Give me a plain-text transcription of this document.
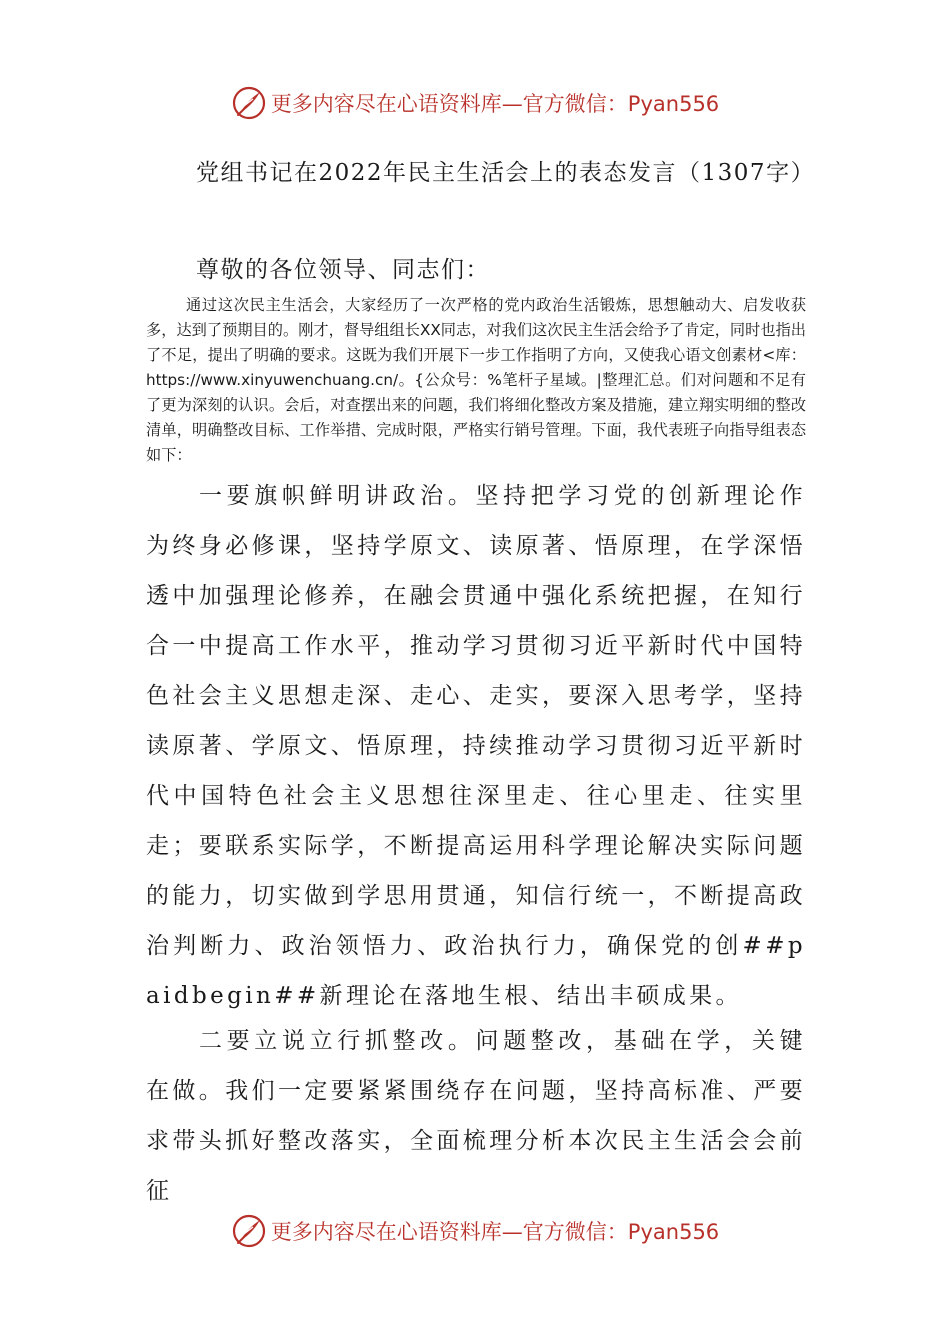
更多内容尽在心语资料库—官方微信：Pyan556
党组书记在2022年民主生活会上的表态发言（1307字）
尊敬的各位领导、同志们：
通过这次民主生活会，大家经历了一次严格的党内政治生活锻炼，思想触动大、启发收获多，达到了预期目的。刚才，督导组组长XX同志，对我们这次民主生活会给予了肯定，同时也指出了不足，提出了明确的要求。这既为我们开展下一步工作指明了方向，又使我心语文创素材<库：https://www.xinyuwenchuang.cn/。{公众号：%笔杆子星域。|整理汇总。们对问题和不足有了更为深刻的认识。会后，对查摆出来的问题，我们将细化整改方案及措施，建立翔实明细的整改清单，明确整改目标、工作举措、完成时限，严格实行销号管理。下面，我代表班子向指导组表态如下：
一要旗帜鲜明讲政治。坚持把学习党的创新理论作为终身必修课，坚持学原文、读原著、悟原理，在学深悟透中加强理论修养，在融会贯通中强化系统把握，在知行合一中提高工作水平，推动学习贯彻习近平新时代中国特色社会主义思想走深、走心、走实，要深入思考学，坚持读原著、学原文、悟原理，持续推动学习贯彻习近平新时代中国特色社会主义思想往深里走、往心里走、往实里走；要联系实际学，不断提高运用科学理论解决实际问题的能力，切实做到学思用贯通，知信行统一，不断提高政治判断力、政治领悟力、政治执行力，确保党的创##paidbegin##新理论在落地生根、结出丰硕成果。
二要立说立行抓整改。问题整改，基础在学，关键在做。我们一定要紧紧围绕存在问题，坚持高标准、严要求带头抓好整改落实，全面梳理分析本次民主生活会会前征
更多内容尽在心语资料库—官方微信：Pyan556
